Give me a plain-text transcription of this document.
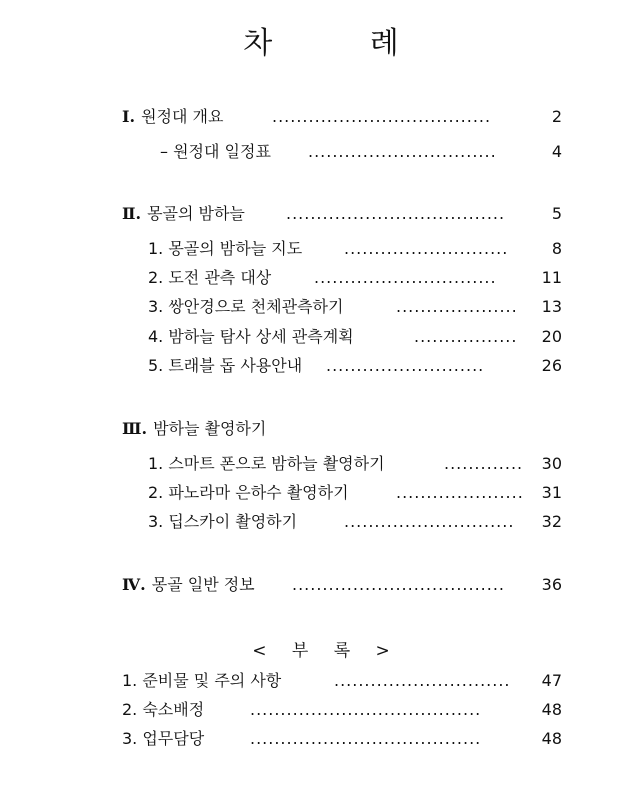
차 례
Ⅰ. 원정대 개요	....................................	2
– 원정대 일정표 ...............................	4
Ⅱ. 몽골의 밤하늘	....................................	5
1. 몽골의 밤하늘 지도	...........................	8
2. 도전 관측 대상	..............................	11
3. 쌍안경으로 천체관측하기	.................... 13
4. 밤하늘 탐사 상세 관측계획	................. 20
5. 트래블 돕 사용안내 ..........................	26
Ⅲ. 밤하늘 촬영하기
1. 스마트 폰으로 밤하늘 촬영하기	............. 30
2. 파노라마 은하수 촬영하기	..................... 31
3. 딥스카이 촬영하기	............................ 32
Ⅳ. 몽골 일반 정보 ................................... 36
< 부 록 >
1. 준비물 및 주의 사항	............................. 47
2. 숙소배정	......................................	48
3. 업무담당	......................................	48
